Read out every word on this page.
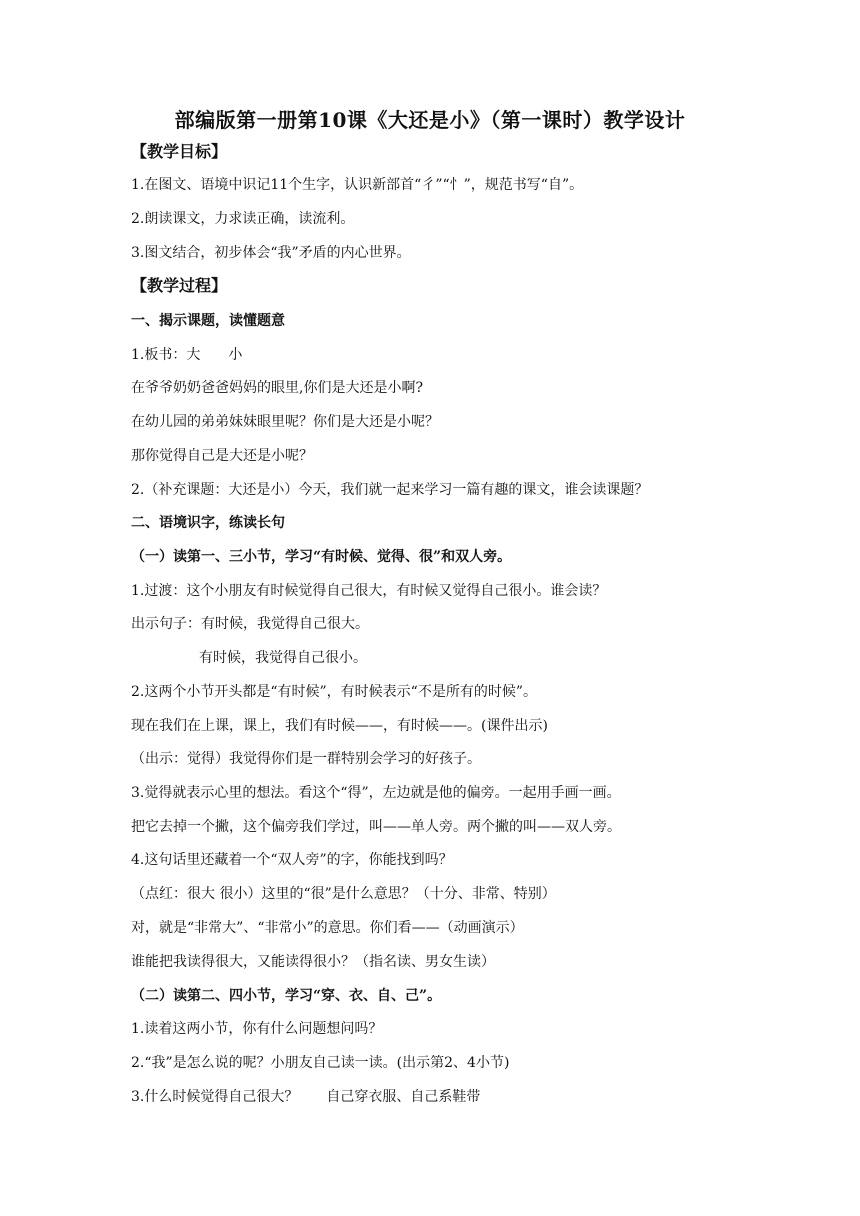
部编版第一册第10课《大还是小》（第一课时）教学设计
【教学目标】
1.在图文、语境中识记11个生字，认识新部首“彳”“忄”，规范书写“自”。
2.朗读课文，力求读正确，读流利。
3.图文结合，初步体会“我”矛盾的内心世界。
【教学过程】
一、揭示课题，读懂题意
1.板书：大　　小
在爷爷奶奶爸爸妈妈的眼里,你们是大还是小啊?
在幼儿园的弟弟妹妹眼里呢？你们是大还是小呢？
那你觉得自己是大还是小呢？
2.（补充课题：大还是小）今天，我们就一起来学习一篇有趣的课文，谁会读课题？
二、语境识字，练读长句
（一）读第一、三小节，学习“有时候、觉得、很”和双人旁。
1.过渡：这个小朋友有时候觉得自己很大，有时候又觉得自己很小。谁会读？
出示句子：有时候，我觉得自己很大。
有时候，我觉得自己很小。
2.这两个小节开头都是“有时候”，有时候表示“不是所有的时候”。
现在我们在上课，课上，我们有时候——，有时候——。(课件出示)
（出示：觉得）我觉得你们是一群特别会学习的好孩子。
3.觉得就表示心里的想法。看这个“得”，左边就是他的偏旁。一起用手画一画。
把它去掉一个撇，这个偏旁我们学过，叫——单人旁。两个撇的叫——双人旁。
4.这句话里还藏着一个“双人旁”的字，你能找到吗？
（点红：很大 很小）这里的“很”是什么意思？（十分、非常、特别）
对，就是“非常大”、“非常小”的意思。你们看——（动画演示）
谁能把我读得很大，又能读得很小？（指名读、男女生读）
（二）读第二、四小节，学习“穿、衣、自、己”。
1.读着这两小节，你有什么问题想问吗？
2.“我”是怎么说的呢？小朋友自己读一读。(出示第2、4小节)
3.什么时候觉得自己很大？　　自己穿衣服、自己系鞋带
